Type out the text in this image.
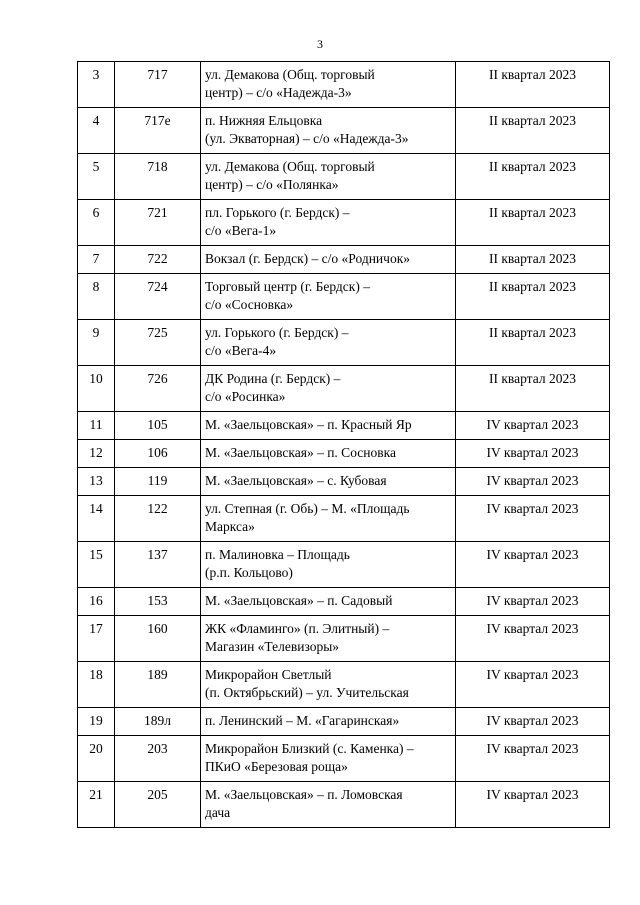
3
3	717	ул. Демакова (Общ. торговый
центр) – с/о «Надежда-3»	II квартал 2023
4	717е	п. Нижняя Ельцовка
(ул. Экваторная) – с/о «Надежда-3»	II квартал 2023
5	718	ул. Демакова (Общ. торговый
центр) – с/о «Полянка»	II квартал 2023
6	721	пл. Горького (г. Бердск) –
с/о «Вега-1»	II квартал 2023
7	722	Вокзал (г. Бердск) – с/о «Родничок»	II квартал 2023
8	724	Торговый центр (г. Бердск) –
с/о «Сосновка»	II квартал 2023
9	725	ул. Горького (г. Бердск) –
с/о «Вега-4»	II квартал 2023
10	726	ДК Родина (г. Бердск) –
с/о «Росинка»	II квартал 2023
11	105	М. «Заельцовская» – п. Красный Яр	IV квартал 2023
12	106	М. «Заельцовская» – п. Сосновка	IV квартал 2023
13	119	М. «Заельцовская» – с. Кубовая	IV квартал 2023
14	122	ул. Степная (г. Обь) – М. «Площадь
Маркса»	IV квартал 2023
15	137	п. Малиновка – Площадь
(р.п. Кольцово)	IV квартал 2023
16	153	М. «Заельцовская» – п. Садовый	IV квартал 2023
17	160	ЖК «Фламинго» (п. Элитный) –
Магазин «Телевизоры»	IV квартал 2023
18	189	Микрорайон Светлый
(п. Октябрьский) – ул. Учительская	IV квартал 2023
19	189л	п. Ленинский – М. «Гагаринская»	IV квартал 2023
20	203	Микрорайон Близкий (с. Каменка) –
ПКиО «Березовая роща»	IV квартал 2023
21	205	М. «Заельцовская» – п. Ломовская
дача	IV квартал 2023
